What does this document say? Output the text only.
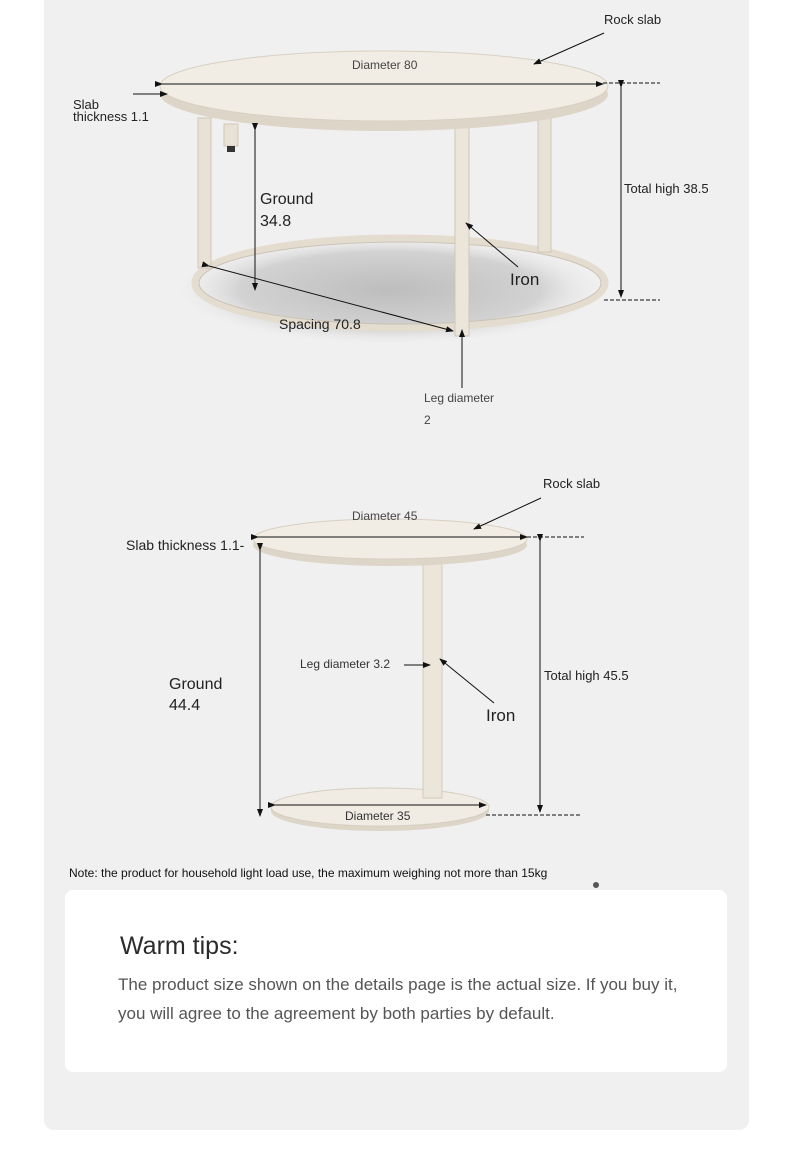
Rock slab
Diameter 80
Slab
thickness 1.1
Ground
34.8
Total high 38.5
Iron
Spacing 70.8
Leg diameter
2
Rock slab
Diameter 45
Slab thickness 1.1-
Leg diameter 3.2
Ground
44.4
Total high 45.5
Iron
Diameter 35
Note: the product for household light load use, the maximum weighing not more than 15kg
Warm tips:
The product size shown on the details page is the actual size. If you buy it, you will agree to the agreement by both parties by default.
